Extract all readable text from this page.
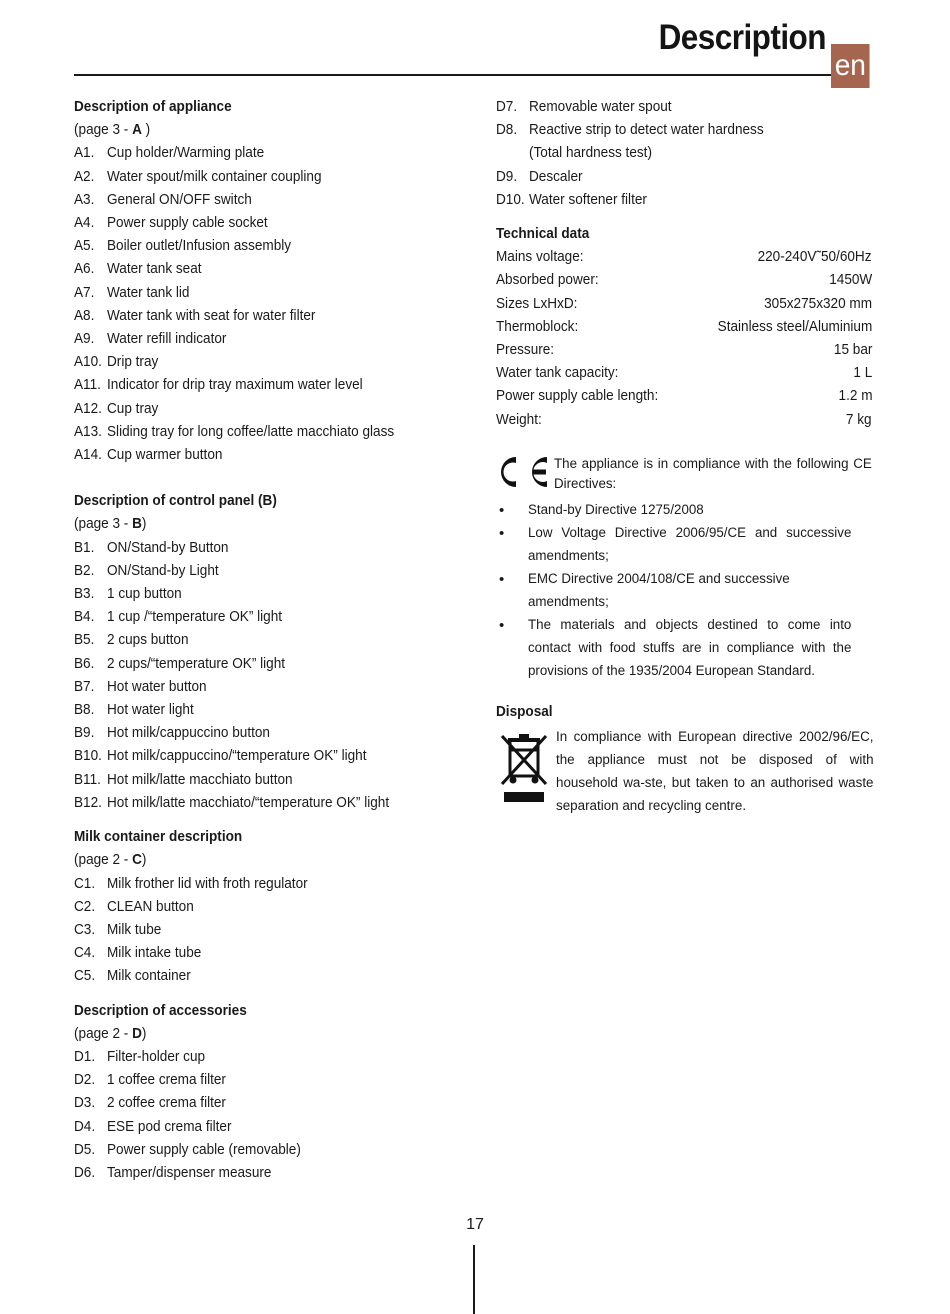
Description
en
Description of appliance
(page 3 - A )
A1. Cup holder/Warming plate
A2. Water spout/milk container coupling
A3. General ON/OFF switch
A4. Power supply cable socket
A5. Boiler outlet/Infusion assembly
A6. Water tank seat
A7. Water tank lid
A8. Water tank with seat for water filter
A9. Water refill indicator
A10. Drip tray
A11. Indicator for drip tray maximum water level
A12. Cup tray
A13. Sliding tray for long coffee/latte macchiato glass
A14. Cup warmer button
Description of control panel (B)
(page 3 - B)
B1. ON/Stand-by Button
B2. ON/Stand-by Light
B3. 1 cup button
B4. 1 cup /“temperature OK” light
B5. 2 cups button
B6. 2 cups/“temperature OK” light
B7. Hot water button
B8. Hot water light
B9. Hot milk/cappuccino button
B10. Hot milk/cappuccino/“temperature OK” light
B11. Hot milk/latte macchiato button
B12. Hot milk/latte macchiato/“temperature OK” light
Milk container description
(page 2 - C)
C1. Milk frother lid with froth regulator
C2. CLEAN button
C3. Milk tube
C4. Milk intake tube
C5. Milk container
Description of accessories
(page 2 - D)
D1. Filter-holder cup
D2. 1 coffee crema filter
D3. 2 coffee crema filter
D4. ESE pod crema filter
D5. Power supply cable (removable)
D6. Tamper/dispenser measure
D7. Removable water spout
D8. Reactive strip to detect water hardness
(Total hardness test)
D9. Descaler
D10. Water softener filter
Technical data
Mains voltage:	220-240V˜50/60Hz
Absorbed power:	1450W
Sizes LxHxD:	305x275x320 mm
Thermoblock:	Stainless steel/Aluminium
Pressure:	15 bar
Water tank capacity:	1 L
Power supply cable length:	1.2 m
Weight:	7 kg
The appliance is in compliance with the following CE Directives:
•	Stand-by Directive 1275/2008
•	Low Voltage Directive 2006/95/CE and successive amendments;
•	EMC Directive 2004/108/CE and successive amendments;
•	The materials and objects destined to come into contact with food stuffs are in compliance with the provisions of the 1935/2004 European Standard.
Disposal
In compliance with European directive 2002/96/EC, the appliance must not be disposed of with household wa-ste, but taken to an authorised waste separation and recycling centre.
17
